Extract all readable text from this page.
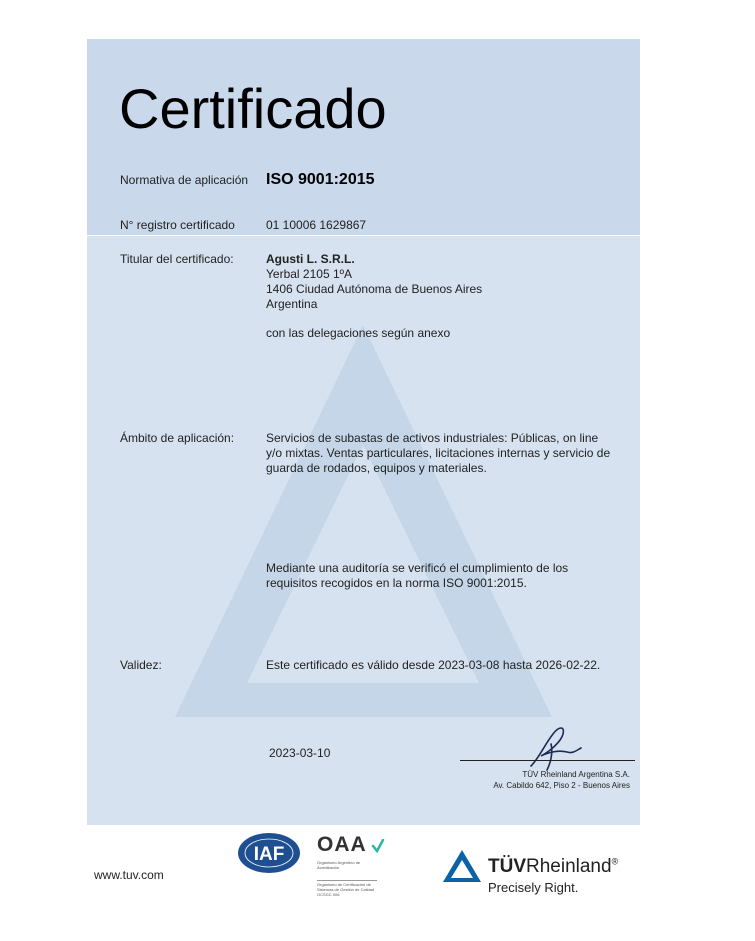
Certificado
Normativa de aplicación ISO 9001:2015
N° registro certificado	01 10006 1629867
Titular del certificado:	Agusti L. S.R.L.
Yerbal 2105 1ºA
1406 Ciudad Autónoma de Buenos Aires
Argentina
con las delegaciones según anexo
Ámbito de aplicación:	Servicios de subastas de activos industriales: Públicas, on line
y/o mixtas. Ventas particulares, licitaciones internas y servicio de
guarda de rodados, equipos y materiales.
Mediante una auditoría se verificó el cumplimiento de los
requisitos recogidos en la norma ISO 9001:2015.
Validez:	Este certificado es válido desde 2023-03-08 hasta 2026-02-22.
2023-03-10
TÜV Rheinland Argentina S.A.
Av. Cabildo 642, Piso 2 - Buenos Aires
www.tuv.com
IAF OAA
Organismo Argentino de Acreditación
Organismo de Certificación de Sistemas de Gestión de Calidad OCSGC 006
TÜVRheinland®
Precisely Right.
